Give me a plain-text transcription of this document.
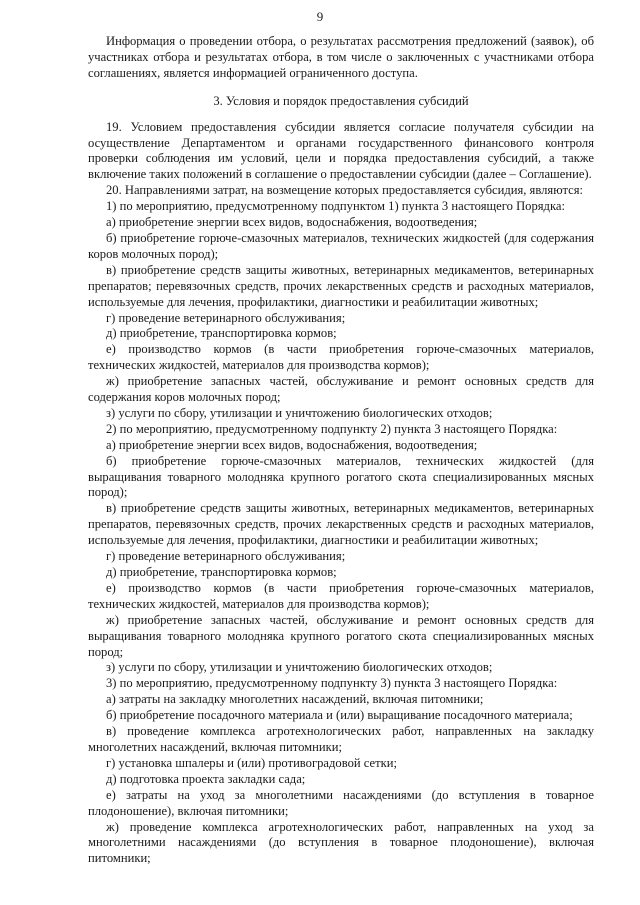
9

Информация о проведении отбора, о результатах рассмотрения предложений (заявок), об участниках отбора и результатах отбора, в том числе о заключенных с участниками отбора соглашениях, является информацией ограниченного доступа.

3. Условия и порядок предоставления субсидий

19. Условием предоставления субсидии является согласие получателя субсидии на осуществление Департаментом и органами государственного финансового контроля проверки соблюдения им условий, цели и порядка предоставления субсидий, а также включение таких положений в соглашение о предоставлении субсидии (далее – Соглашение).

20. Направлениями затрат, на возмещение которых предоставляется субсидия, являются:

1) по мероприятию, предусмотренному подпунктом 1) пункта 3 настоящего Порядка:

а) приобретение энергии всех видов, водоснабжения, водоотведения;

б) приобретение горюче-смазочных материалов, технических жидкостей (для содержания коров молочных пород);

в) приобретение средств защиты животных, ветеринарных медикаментов, ветеринарных препаратов; перевязочных средств, прочих лекарственных средств и расходных материалов, используемые для лечения, профилактики, диагностики и реабилитации животных;

г) проведение ветеринарного обслуживания;

д) приобретение, транспортировка кормов;

е) производство кормов (в части приобретения горюче-смазочных материалов, технических жидкостей, материалов для производства кормов);

ж) приобретение запасных частей, обслуживание и ремонт основных средств для содержания коров молочных пород;

з) услуги по сбору, утилизации и уничтожению биологических отходов;

2) по мероприятию, предусмотренному подпункту 2) пункта 3 настоящего Порядка:

а) приобретение энергии всех видов, водоснабжения, водоотведения;

б) приобретение горюче-смазочных материалов, технических жидкостей (для выращивания товарного молодняка крупного рогатого скота специализированных мясных пород);

в) приобретение средств защиты животных, ветеринарных медикаментов, ветеринарных препаратов, перевязочных средств, прочих лекарственных средств и расходных материалов, используемые для лечения, профилактики, диагностики и реабилитации животных;

г) проведение ветеринарного обслуживания;

д) приобретение, транспортировка кормов;

е) производство кормов (в части приобретения горюче-смазочных материалов, технических жидкостей, материалов для производства кормов);

ж) приобретение запасных частей, обслуживание и ремонт основных средств для выращивания товарного молодняка крупного рогатого скота специализированных мясных пород;

з) услуги по сбору, утилизации и уничтожению биологических отходов;

3) по мероприятию, предусмотренному подпункту 3) пункта 3 настоящего Порядка:

а) затраты на закладку многолетних насаждений, включая питомники;

б) приобретение посадочного материала и (или) выращивание посадочного материала;

в) проведение комплекса агротехнологических работ, направленных на закладку многолетних насаждений, включая питомники;

г) установка шпалеры и (или) противоградовой сетки;

д) подготовка проекта закладки сада;

е) затраты на уход за многолетними насаждениями (до вступления в товарное плодоношение), включая питомники;

ж) проведение комплекса агротехнологических работ, направленных на уход за многолетними насаждениями (до вступления в товарное плодоношение), включая питомники;
